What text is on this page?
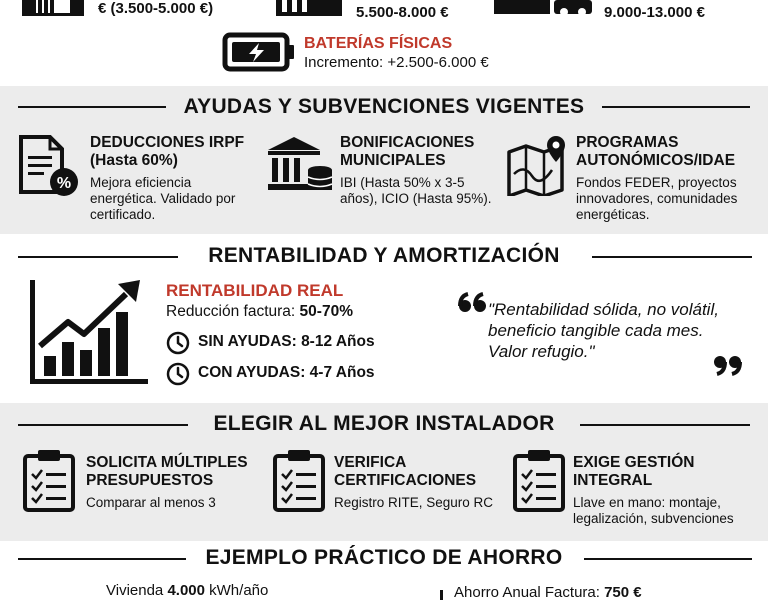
€ (3.500-5.000 €)	5.500-8.000 €	9.000-13.000 €
BATERÍAS FÍSICAS
Incremento: +2.500-6.000 €
AYUDAS Y SUBVENCIONES VIGENTES
%
DEDUCCIONES IRPF (Hasta 60%)
Mejora eficiencia energética. Validado por certificado.
BONIFICACIONES MUNICIPALES
IBI (Hasta 50% x 3-5 años), ICIO (Hasta 95%).
PROGRAMAS AUTONÓMICOS/IDAE
Fondos FEDER, proyectos innovadores, comunidades energéticas.
RENTABILIDAD Y AMORTIZACIÓN
RENTABILIDAD REAL
Reducción factura: 50-70%
SIN AYUDAS: 8-12 Años
CON AYUDAS: 4-7 Años
"Rentabilidad sólida, no volátil, beneficio tangible cada mes. Valor refugio."
ELEGIR AL MEJOR INSTALADOR
SOLICITA MÚLTIPLES PRESUPUESTOS
Comparar al menos 3
VERIFICA CERTIFICACIONES
Registro RITE, Seguro RC
EXIGE GESTIÓN INTEGRAL
Llave en mano: montaje, legalización, subvenciones
EJEMPLO PRÁCTICO DE AHORRO
Vivienda 4.000 kWh/año	Ahorro Anual Factura: 750 €
